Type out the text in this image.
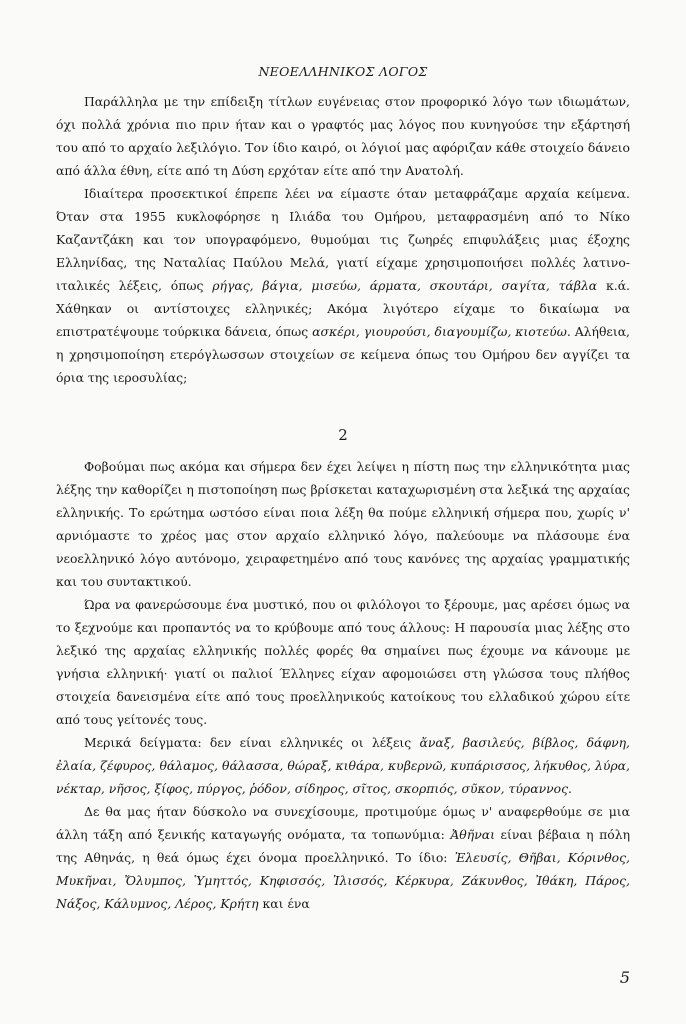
ΝΕΟΕΛΛΗΝΙΚΟΣ ΛΟΓΟΣ

Παράλληλα με την επίδειξη τίτλων ευγένειας στον προφορικό λόγο των ιδιωμάτων, όχι πολλά χρόνια πιο πριν ήταν και ο γραφτός μας λόγος που κυνηγούσε την εξάρτησή του από το αρχαίο λεξιλόγιο. Τον ίδιο καιρό, οι λόγιοί μας αφόριζαν κάθε στοιχείο δάνειο από άλλα έθνη, είτε από τη Δύση ερχόταν είτε από την Ανατολή.

Ιδιαίτερα προσεκτικοί έπρεπε λέει να είμαστε όταν μεταφράζαμε αρχαία κείμενα. Όταν στα 1955 κυκλοφόρησε η Ιλιάδα του Ομήρου, μεταφρασμένη από το Νίκο Καζαντζάκη και τον υπογραφόμενο, θυμούμαι τις ζωηρές επιφυλάξεις μιας έξοχης Ελληνίδας, της Ναταλίας Παύλου Μελά, γιατί είχαμε χρησιμοποιήσει πολλές λατινο-ιταλικές λέξεις, όπως ρήγας, βάγια, μισεύω, άρματα, σκουτάρι, σαγίτα, τάβλα κ.ά. Χάθηκαν οι αντίστοιχες ελληνικές; Ακόμα λιγότερο είχαμε το δικαίωμα να επιστρατέψουμε τούρκικα δάνεια, όπως ασκέρι, γιουρούσι, διαγουμίζω, κιοτεύω. Αλήθεια, η χρησιμοποίηση ετερόγλωσσων στοιχείων σε κείμενα όπως του Ομήρου δεν αγγίζει τα όρια της ιεροσυλίας;

2

Φοβούμαι πως ακόμα και σήμερα δεν έχει λείψει η πίστη πως την ελληνικότητα μιας λέξης την καθορίζει η πιστοποίηση πως βρίσκεται καταχωρισμένη στα λεξικά της αρχαίας ελληνικής. Το ερώτημα ωστόσο είναι ποια λέξη θα πούμε ελληνική σήμερα που, χωρίς ν' αρνιόμαστε το χρέος μας στον αρχαίο ελληνικό λόγο, παλεύουμε να πλάσουμε ένα νεοελληνικό λόγο αυτόνομο, χειραφετημένο από τους κανόνες της αρχαίας γραμματικής και του συντακτικού.

Ώρα να φανερώσουμε ένα μυστικό, που οι φιλόλογοι το ξέρουμε, μας αρέσει όμως να το ξεχνούμε και προπαντός να το κρύβουμε από τους άλλους: Η παρουσία μιας λέξης στο λεξικό της αρχαίας ελληνικής πολλές φορές θα σημαίνει πως έχουμε να κάνουμε με γνήσια ελληνική· γιατί οι παλιοί Έλληνες είχαν αφομοιώσει στη γλώσσα τους πλήθος στοιχεία δανεισμένα είτε από τους προελληνικούς κατοίκους του ελλαδικού χώρου είτε από τους γείτονές τους.

Μερικά δείγματα: δεν είναι ελληνικές οι λέξεις ἄναξ, βασιλεύς, βίβλος, δάφνη, ἐλαία, ζέφυρος, θάλαμος, θάλασσα, θώραξ, κιθάρα, κυβερνῶ, κυπάρισσος, λήκυθος, λύρα, νέκταρ, νῆσος, ξίφος, πύργος, ῥόδον, σίδηρος, σῖτος, σκορπιός, σῦκον, τύραννος.

Δε θα μας ήταν δύσκολο να συνεχίσουμε, προτιμούμε όμως ν' αναφερθούμε σε μια άλλη τάξη από ξενικής καταγωγής ονόματα, τα τοπωνύμια: Ἀθῆναι είναι βέβαια η πόλη της Αθηνάς, η θεά όμως έχει όνομα προελληνικό. Το ίδιο: Ἐλευσίς, Θῆβαι, Κόρινθος, Μυκῆναι, Ὄλυμπος, Ὑμηττός, Κηφισσός, Ἰλισσός, Κέρκυρα, Ζάκυνθος, Ἰθάκη, Πάρος, Νάξος, Κάλυμνος, Λέρος, Κρήτη και ένα

5
